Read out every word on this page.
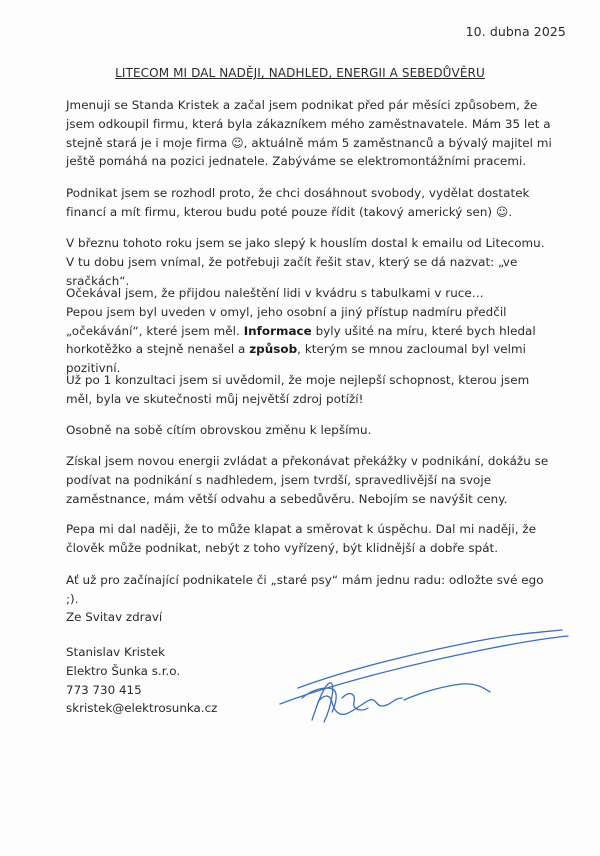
10. dubna 2025
LITECOM MI DAL NADĚJI, NADHLED, ENERGII A SEBEDŮVĚRU

Jmenuji se Standa Kristek a začal jsem podnikat před pár měsíci způsobem, že jsem odkoupil firmu, která byla zákazníkem mého zaměstnavatele. Mám 35 let a stejně stará je i moje firma ☺, aktuálně mám 5 zaměstnanců a bývalý majitel mi ještě pomáhá na pozici jednatele. Zabýváme se elektromontážními pracemi.

Podnikat jsem se rozhodl proto, že chci dosáhnout svobody, vydělat dostatek financí a mít firmu, kterou budu poté pouze řídit (takový americký sen) ☺.

V březnu tohoto roku jsem se jako slepý k houslím dostal k emailu od Litecomu.
V tu dobu jsem vnímal, že potřebuji začít řešit stav, který se dá nazvat: „ve sračkách“.
Očekával jsem, že přijdou naleštění lidi v kvádru s tabulkami v ruce…
Pepou jsem byl uveden v omyl, jeho osobní a jiný přístup nadmíru předčil „očekávání“, které jsem měl. Informace byly ušité na míru, které bych hledal horkotěžko a stejně nenašel a způsob, kterým se mnou zacloumal byl velmi pozitivní.

Už po 1 konzultaci jsem si uvědomil, že moje nejlepší schopnost, kterou jsem měl, byla ve skutečnosti můj největší zdroj potíží!

Osobně na sobě cítím obrovskou změnu k lepšímu.

Získal jsem novou energii zvládat a překonávat překážky v podnikání, dokážu se podívat na podnikání s nadhledem, jsem tvrdší, spravedlivější na svoje zaměstnance, mám větší odvahu a sebedůvěru. Nebojím se navýšit ceny.

Pepa mi dal naději, že to může klapat a směrovat k úspěchu. Dal mi naději, že člověk může podnikat, nebýt z toho vyřízený, být klidnější a dobře spát.

Ať už pro začínající podnikatele či „staré psy“ mám jednu radu: odložte své ego ;).

Ze Svitav zdraví
Stanislav Kristek
Elektro Šunka s.r.o.
773 730 415
skristek@elektrosunka.cz
